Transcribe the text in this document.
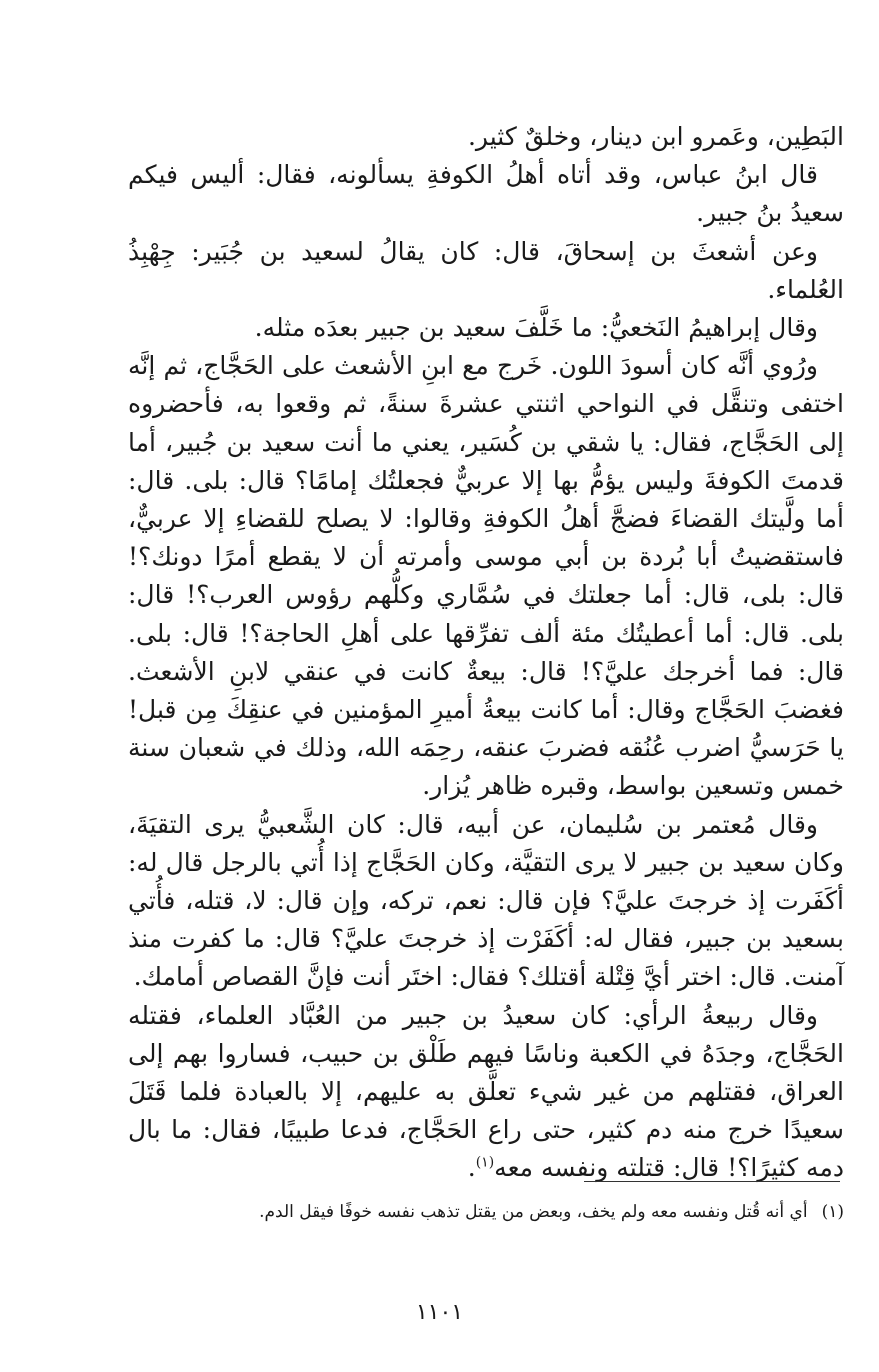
البَطِين، وعَمرو ابن دينار، وخلقٌ كثير.

قال ابنُ عباس، وقد أتاه أهلُ الكوفةِ يسألونه، فقال: أليس فيكم سعيدُ بنُ جبير.

وعن أشعثَ بن إسحاقَ، قال: كان يقالُ لسعيد بن جُبَير: جِهْبِذُ العُلماء.

وقال إبراهيمُ النَخعيُّ: ما خَلَّفَ سعيد بن جبير بعدَه مثله.

ورُوي أنَّه كان أسودَ اللون. خَرج مع ابنِ الأشعث على الحَجَّاج، ثم إنَّه اختفى وتنقَّل في النواحي اثنتي عشرةَ سنةً، ثم وقعوا به، فأحضروه إلى الحَجَّاج، فقال: يا شقي بن كُسَير، يعني ما أنت سعيد بن جُبير، أما قدمتَ الكوفةَ وليس يؤمُّ بها إلا عربيٌّ فجعلتُك إمامًا؟ قال: بلى. قال: أما ولَّيتك القضاءَ فضجَّ أهلُ الكوفةِ وقالوا: لا يصلح للقضاءِ إلا عربيٌّ، فاستقضيتُ أبا بُردة بن أبي موسى وأمرته أن لا يقطع أمرًا دونك؟! قال: بلى، قال: أما جعلتك في سُمَّاري وكلُّهم رؤوس العرب؟! قال: بلى. قال: أما أعطيتُك مئة ألف تفرِّقها على أهلِ الحاجة؟! قال: بلى. قال: فما أخرجك عليَّ؟! قال: بيعةٌ كانت في عنقي لابنِ الأشعث. فغضبَ الحَجَّاج وقال: أما كانت بيعةُ أميرِ المؤمنين في عنقِكَ مِن قبل! يا حَرَسيُّ اضرب عُنُقه فضربَ عنقه، رحِمَه الله، وذلك في شعبان سنة خمس وتسعين بواسط، وقبره ظاهر يُزار.

وقال مُعتمر بن سُليمان، عن أبيه، قال: كان الشَّعبيُّ يرى التقيَةَ، وكان سعيد بن جبير لا يرى التقيَّة، وكان الحَجَّاج إذا أُتي بالرجل قال له: أكَفَرت إذ خرجتَ عليَّ؟ فإن قال: نعم، تركه، وإن قال: لا، قتله، فأُتي بسعيد بن جبير، فقال له: أكَفَرْت إذ خرجتَ عليَّ؟ قال: ما كفرت منذ آمنت. قال: اختر أيَّ قِتْلة أقتلك؟ فقال: اختَر أنت فإنَّ القصاص أمامك.

وقال ربيعةُ الرأي: كان سعيدُ بن جبير من العُبَّاد العلماء، فقتله الحَجَّاج، وجدَهُ في الكعبة وناسًا فيهم طَلْق بن حبيب، فساروا بهم إلى العراق، فقتلهم من غير شيء تعلَّق به عليهم، إلا بالعبادة فلما قَتَلَ سعيدًا خرج منه دم كثير، حتى راع الحَجَّاج، فدعا طبيبًا، فقال: ما بال دمه كثيرًا؟! قال: قتلته ونفسه معه$^{(١)}$.

(١)أي أنه قُتل ونفسه معه ولم يخف، وبعض من يقتل تذهب نفسه خوفًا فيقل الدم.
١١٠١
